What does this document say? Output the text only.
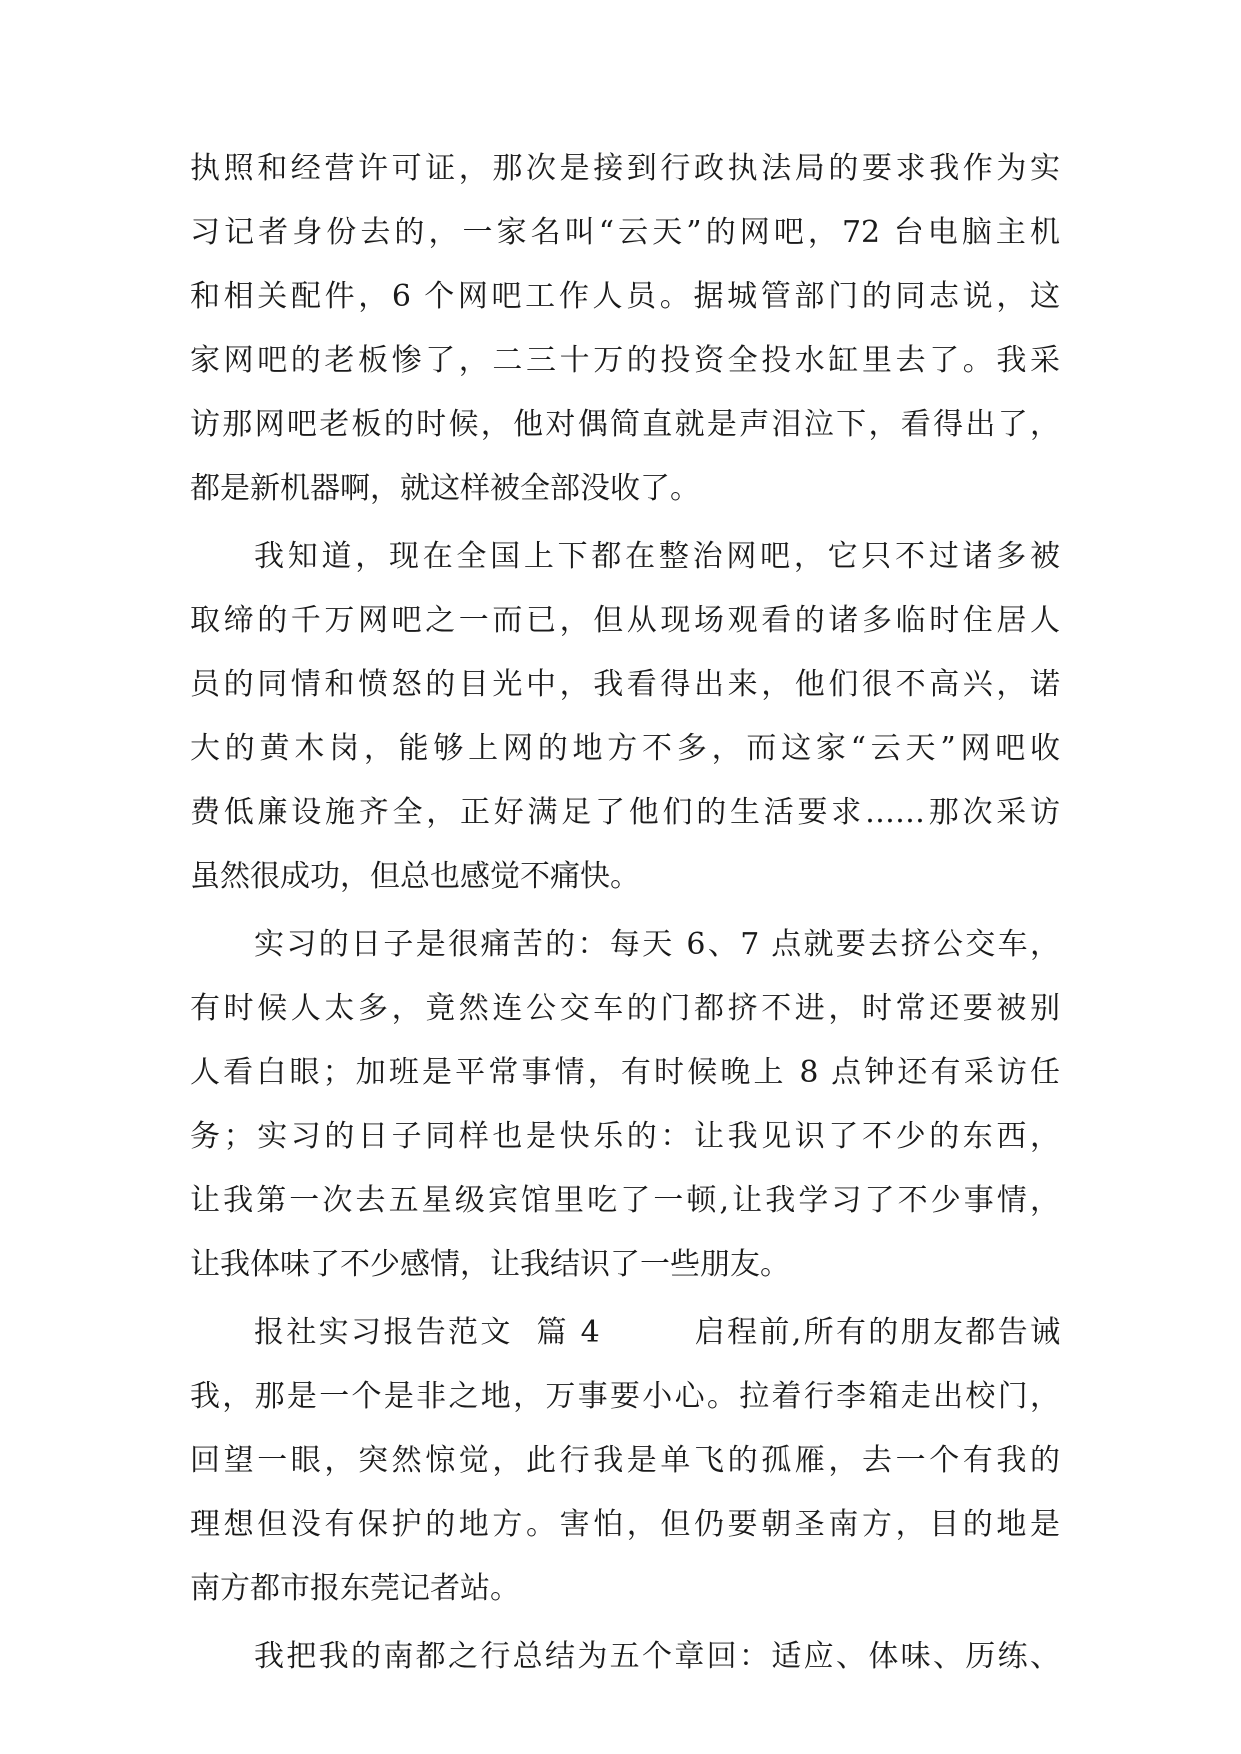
执照和经营许可证，那次是接到行政执法局的要求我作为实
习记者身份去的，一家名叫“云天”的网吧，72 台电脑主机
和相关配件，6 个网吧工作人员。据城管部门的同志说，这
家网吧的老板惨了，二三十万的投资全投水缸里去了。我采
访那网吧老板的时候，他对偶简直就是声泪泣下，看得出了，
都是新机器啊，就这样被全部没收了。
我知道，现在全国上下都在整治网吧，它只不过诸多被
取缔的千万网吧之一而已，但从现场观看的诸多临时住居人
员的同情和愤怒的目光中，我看得出来，他们很不高兴，诺
大的黄木岗，能够上网的地方不多，而这家“云天”网吧收
费低廉设施齐全，正好满足了他们的生活要求……那次采访
虽然很成功，但总也感觉不痛快。
实习的日子是很痛苦的：每天 6、7 点就要去挤公交车，
有时候人太多，竟然连公交车的门都挤不进，时常还要被别
人看白眼；加班是平常事情，有时候晚上 8 点钟还有采访任
务；实习的日子同样也是快乐的：让我见识了不少的东西，
让我第一次去五星级宾馆里吃了一顿,让我学习了不少事情，
让我体味了不少感情，让我结识了一些朋友。
报社实习报告范文  篇 4        启程前,所有的朋友都告诫
我，那是一个是非之地，万事要小心。拉着行李箱走出校门，
回望一眼，突然惊觉，此行我是单飞的孤雁，去一个有我的
理想但没有保护的地方。害怕，但仍要朝圣南方，目的地是
南方都市报东莞记者站。
我把我的南都之行总结为五个章回：适应、体味、历练、
